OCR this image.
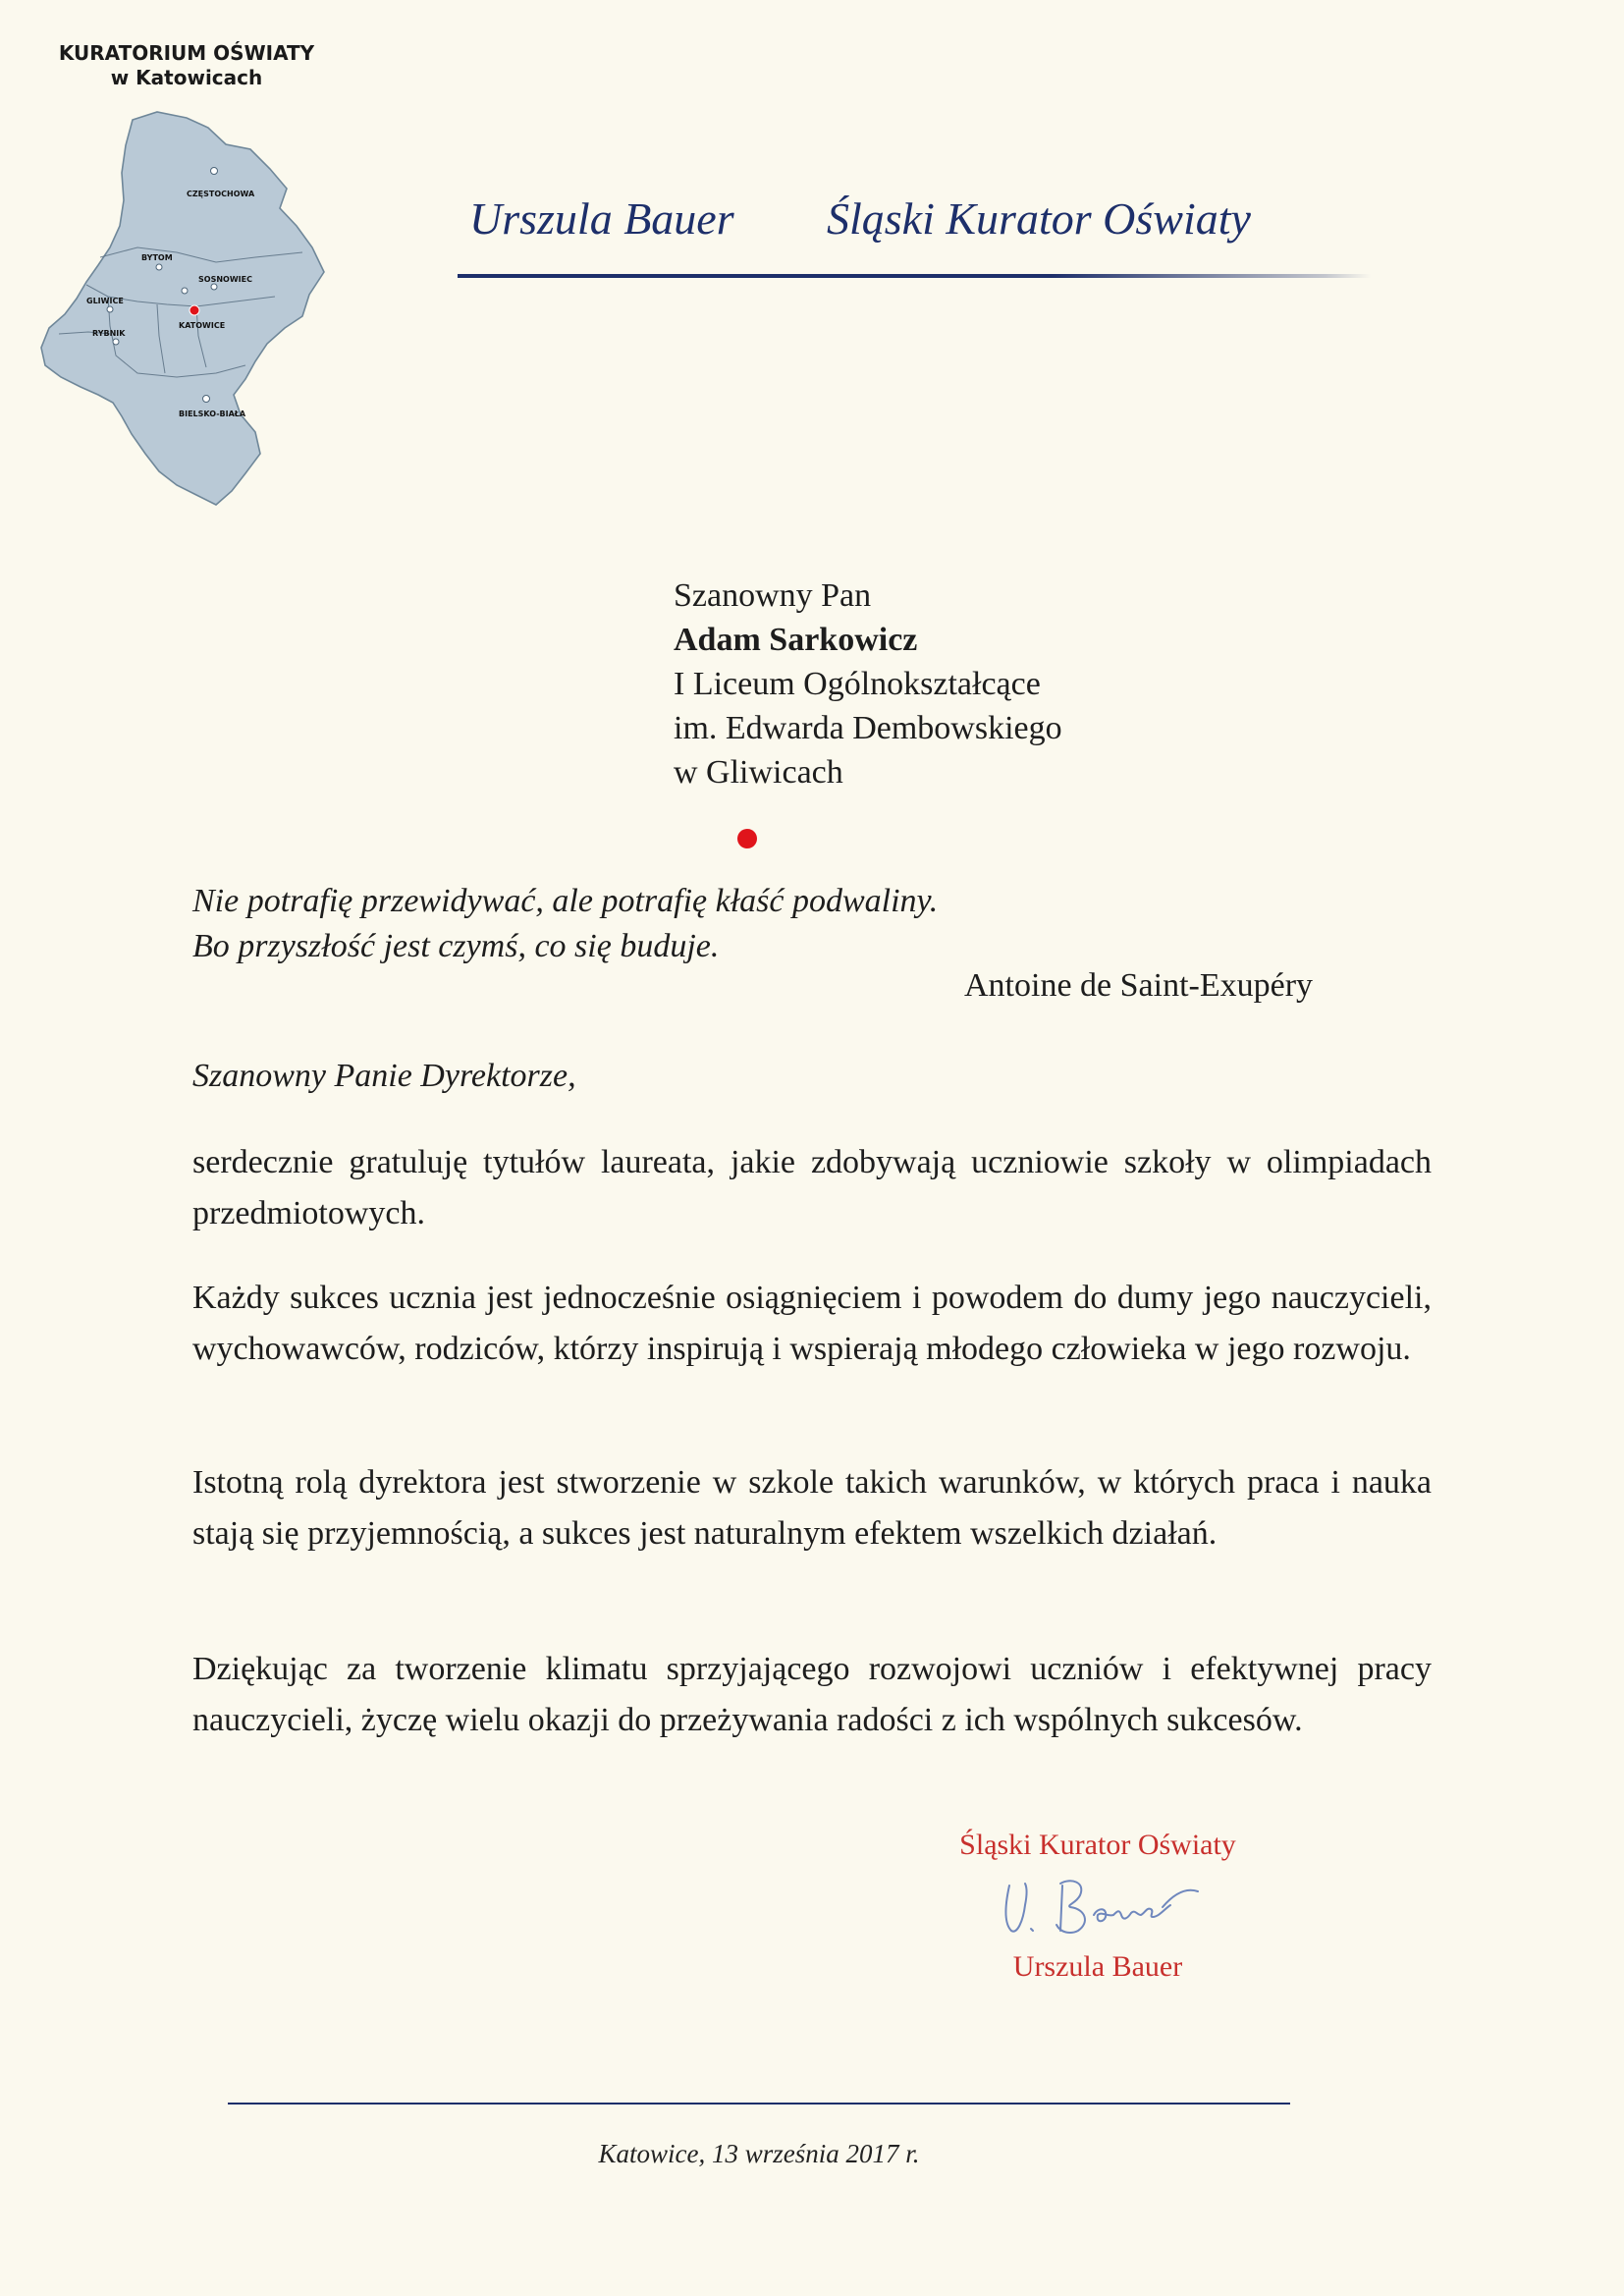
KURATORIUM OŚWIATY
w Katowicach
CZĘSTOCHOWA
BYTOM
SOSNOWIEC
GLIWICE
KATOWICE
RYBNIK
BIELSKO-BIAŁA
Urszula Bauer Śląski Kurator Oświaty
Szanowny Pan
Adam Sarkowicz
I Liceum Ogólnokształcące
im. Edwarda Dembowskiego
w Gliwicach
Nie potrafię przewidywać, ale potrafię kłaść podwaliny.
Bo przyszłość jest czymś, co się buduje.
Antoine de Saint-Exupéry
Szanowny Panie Dyrektorze,
serdecznie gratuluję tytułów laureata, jakie zdobywają uczniowie szkoły w olimpiadach przedmiotowych.
Każdy sukces ucznia jest jednocześnie osiągnięciem i powodem do dumy jego nauczycieli, wychowawców, rodziców, którzy inspirują i wspierają młodego człowieka w jego rozwoju.
Istotną rolą dyrektora jest stworzenie w szkole takich warunków, w których praca i nauka stają się przyjemnością, a sukces jest naturalnym efektem wszelkich działań.
Dziękując za tworzenie klimatu sprzyjającego rozwojowi uczniów i efektywnej pracy nauczycieli, życzę wielu okazji do przeżywania radości z ich wspólnych sukcesów.
Śląski Kurator Oświaty
Urszula Bauer
Katowice, 13 września 2017 r.
